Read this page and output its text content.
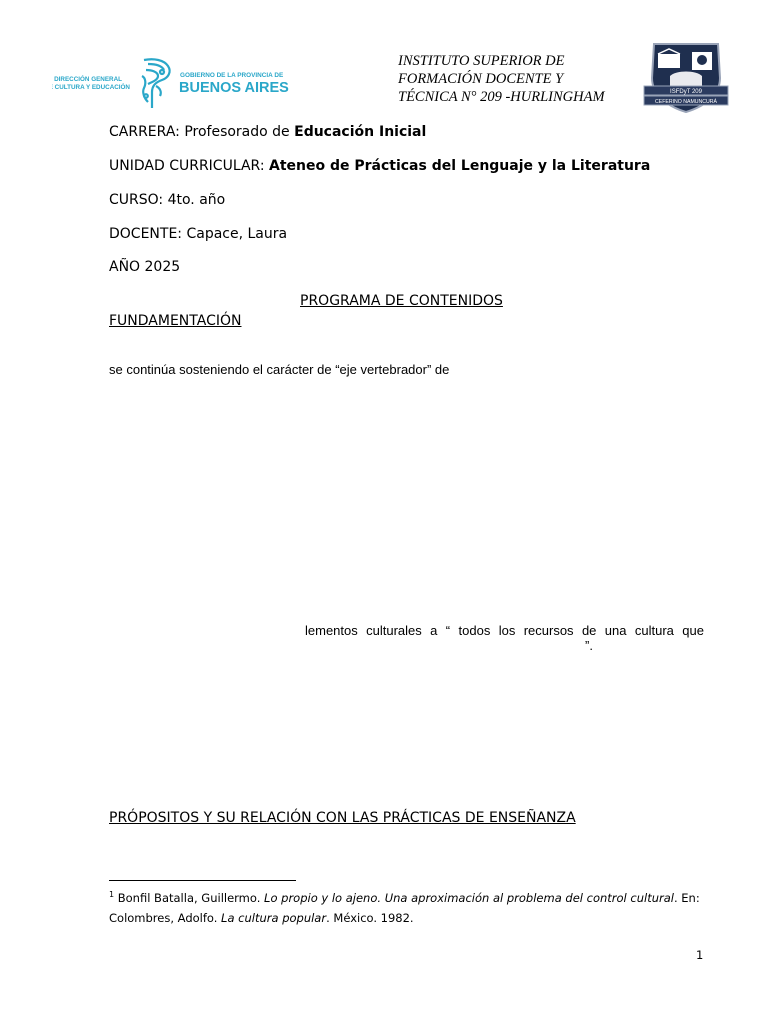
DIRECCIÓN GENERAL
DE CULTURA Y EDUCACIÓN
GOBIERNO DE LA PROVINCIA DE
BUENOS AIRES
INSTITUTO SUPERIOR DE
FORMACIÓN DOCENTE Y
TÉCNICA N° 209 -HURLINGHAM	ISFDyT 209
CEFERINO NAMUNCURÁ
CARRERA: Profesorado de Educación Inicial
UNIDAD CURRICULAR: Ateneo de Prácticas del Lenguaje y la Literatura
CURSO: 4to. año
DOCENTE: Capace, Laura
AÑO 2025
PROGRAMA DE CONTENIDOS
FUNDAMENTACIÓN
se continúa sosteniendo el carácter de “eje vertebrador” de
lementos culturales a “ todos los recursos de una cultura que
”.
PRÓPOSITOS Y SU RELACIÓN CON LAS PRÁCTICAS DE ENSEÑANZA
$^1$ Bonfil Batalla, Guillermo. Lo propio y lo ajeno. Una aproximación al problema del control cultural. En:
Colombres, Adolfo. La cultura popular. México. 1982.
1
